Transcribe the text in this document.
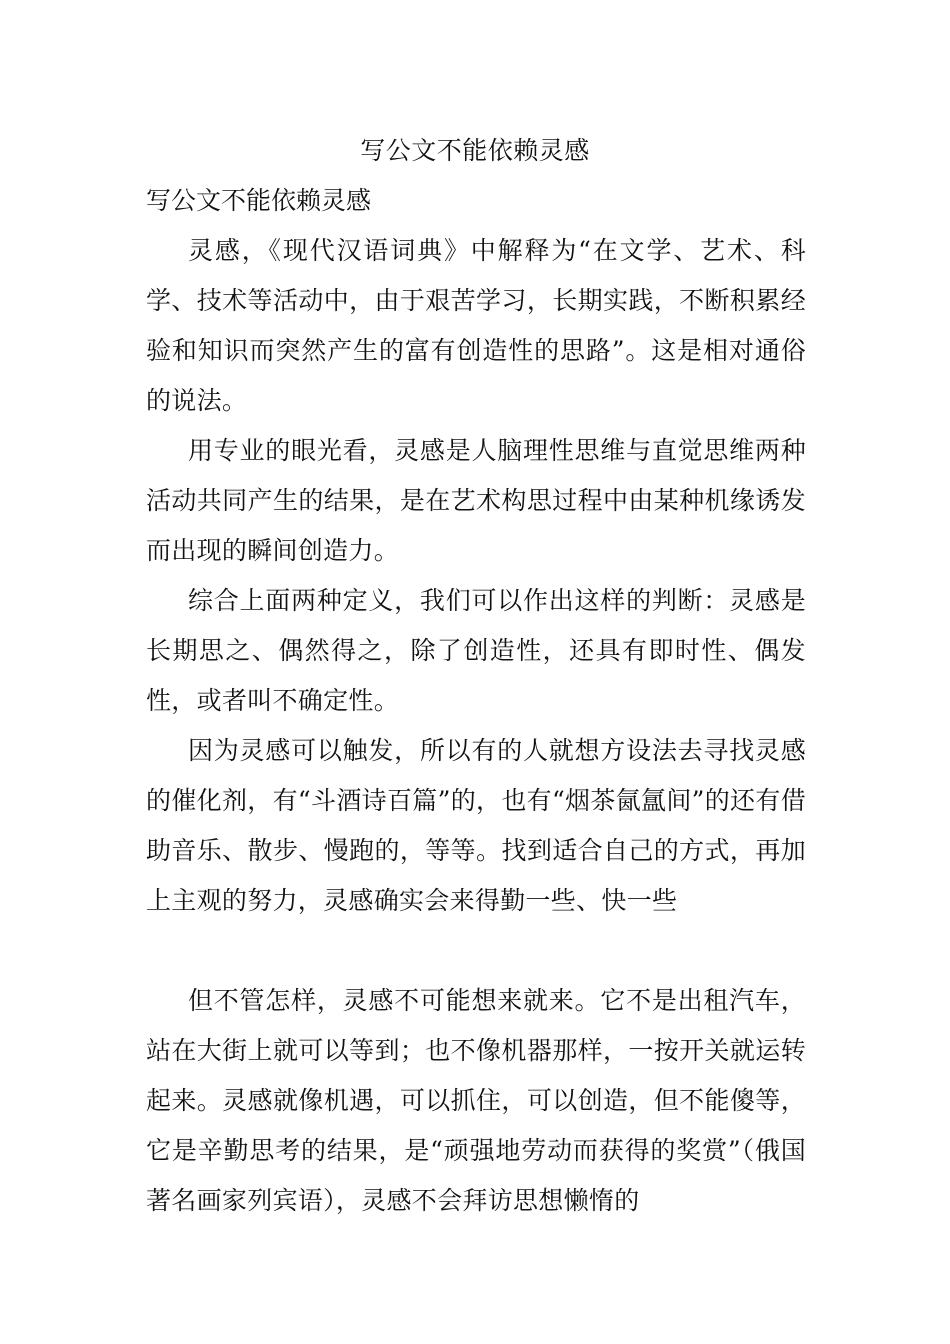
写公文不能依赖灵感
写公文不能依赖灵感
灵感，《现代汉语词典》中解释为“在文学、艺术、科学、技术等活动中，由于艰苦学习，长期实践，不断积累经验和知识而突然产生的富有创造性的思路”。这是相对通俗的说法。
用专业的眼光看，灵感是人脑理性思维与直觉思维两种活动共同产生的结果，是在艺术构思过程中由某种机缘诱发而出现的瞬间创造力。
综合上面两种定义，我们可以作出这样的判断：灵感是长期思之、偶然得之，除了创造性，还具有即时性、偶发性，或者叫不确定性。
因为灵感可以触发，所以有的人就想方设法去寻找灵感的催化剂，有“斗酒诗百篇”的，也有“烟茶氤氲间”的还有借助音乐、散步、慢跑的，等等。找到适合自己的方式，再加上主观的努力，灵感确实会来得勤一些、快一些
但不管怎样，灵感不可能想来就来。它不是出租汽车，站在大街上就可以等到；也不像机器那样，一按开关就运转起来。灵感就像机遇，可以抓住，可以创造，但不能傻等，它是辛勤思考的结果，是“顽强地劳动而获得的奖赏”（俄国著名画家列宾语），灵感不会拜访思想懒惰的
